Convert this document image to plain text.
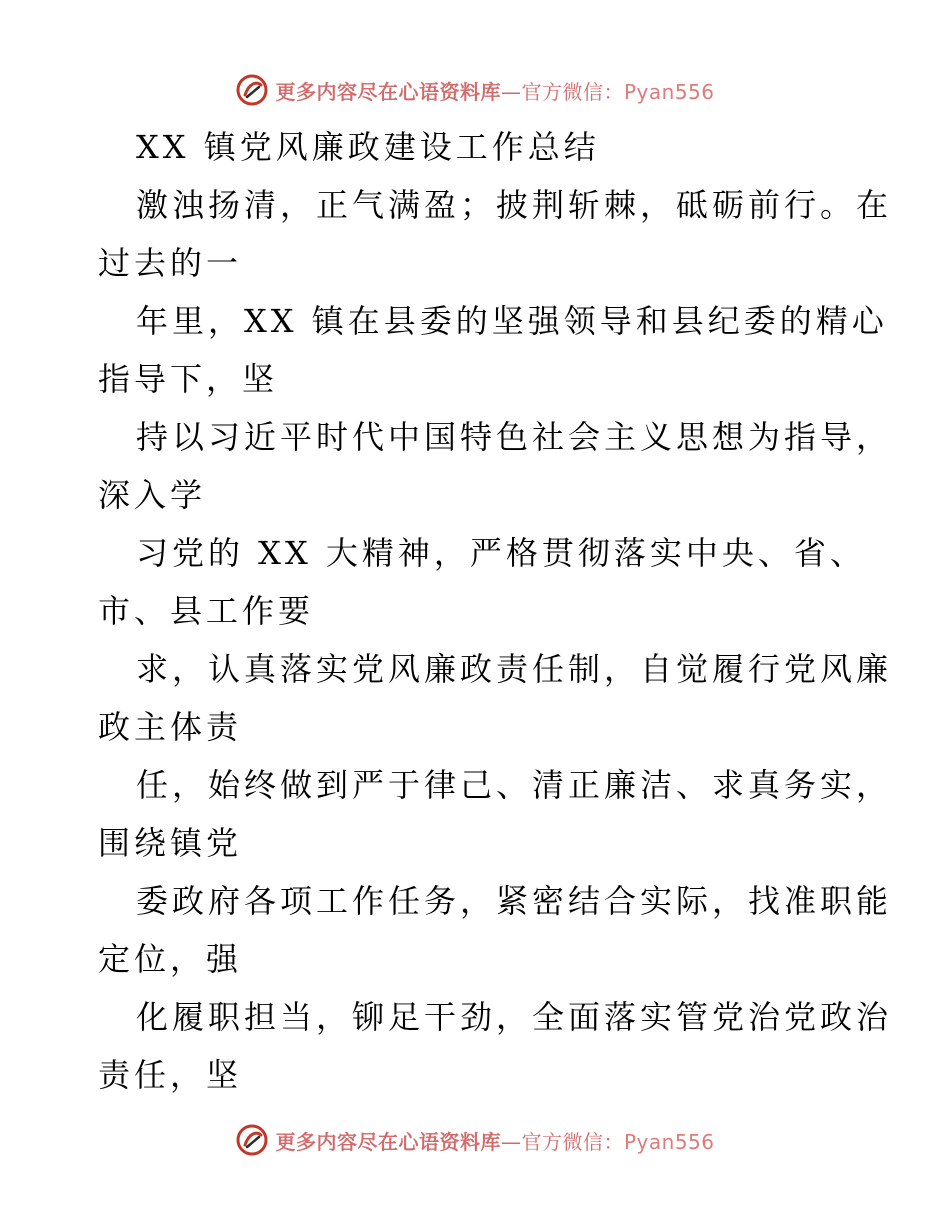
更多内容尽在心语资料库—官方微信：Pyan556
XX 镇党风廉政建设工作总结
激浊扬清，正气满盈；披荆斩棘，砥砺前行。在
过去的一
年里，XX 镇在县委的坚强领导和县纪委的精心
指导下，坚
持以习近平时代中国特色社会主义思想为指导，
深入学
习党的 XX 大精神，严格贯彻落实中央、省、
市、县工作要
求，认真落实党风廉政责任制，自觉履行党风廉
政主体责
任，始终做到严于律己、清正廉洁、求真务实，
围绕镇党
委政府各项工作任务，紧密结合实际，找准职能
定位，强
化履职担当，铆足干劲，全面落实管党治党政治
责任，坚
更多内容尽在心语资料库—官方微信：Pyan556
